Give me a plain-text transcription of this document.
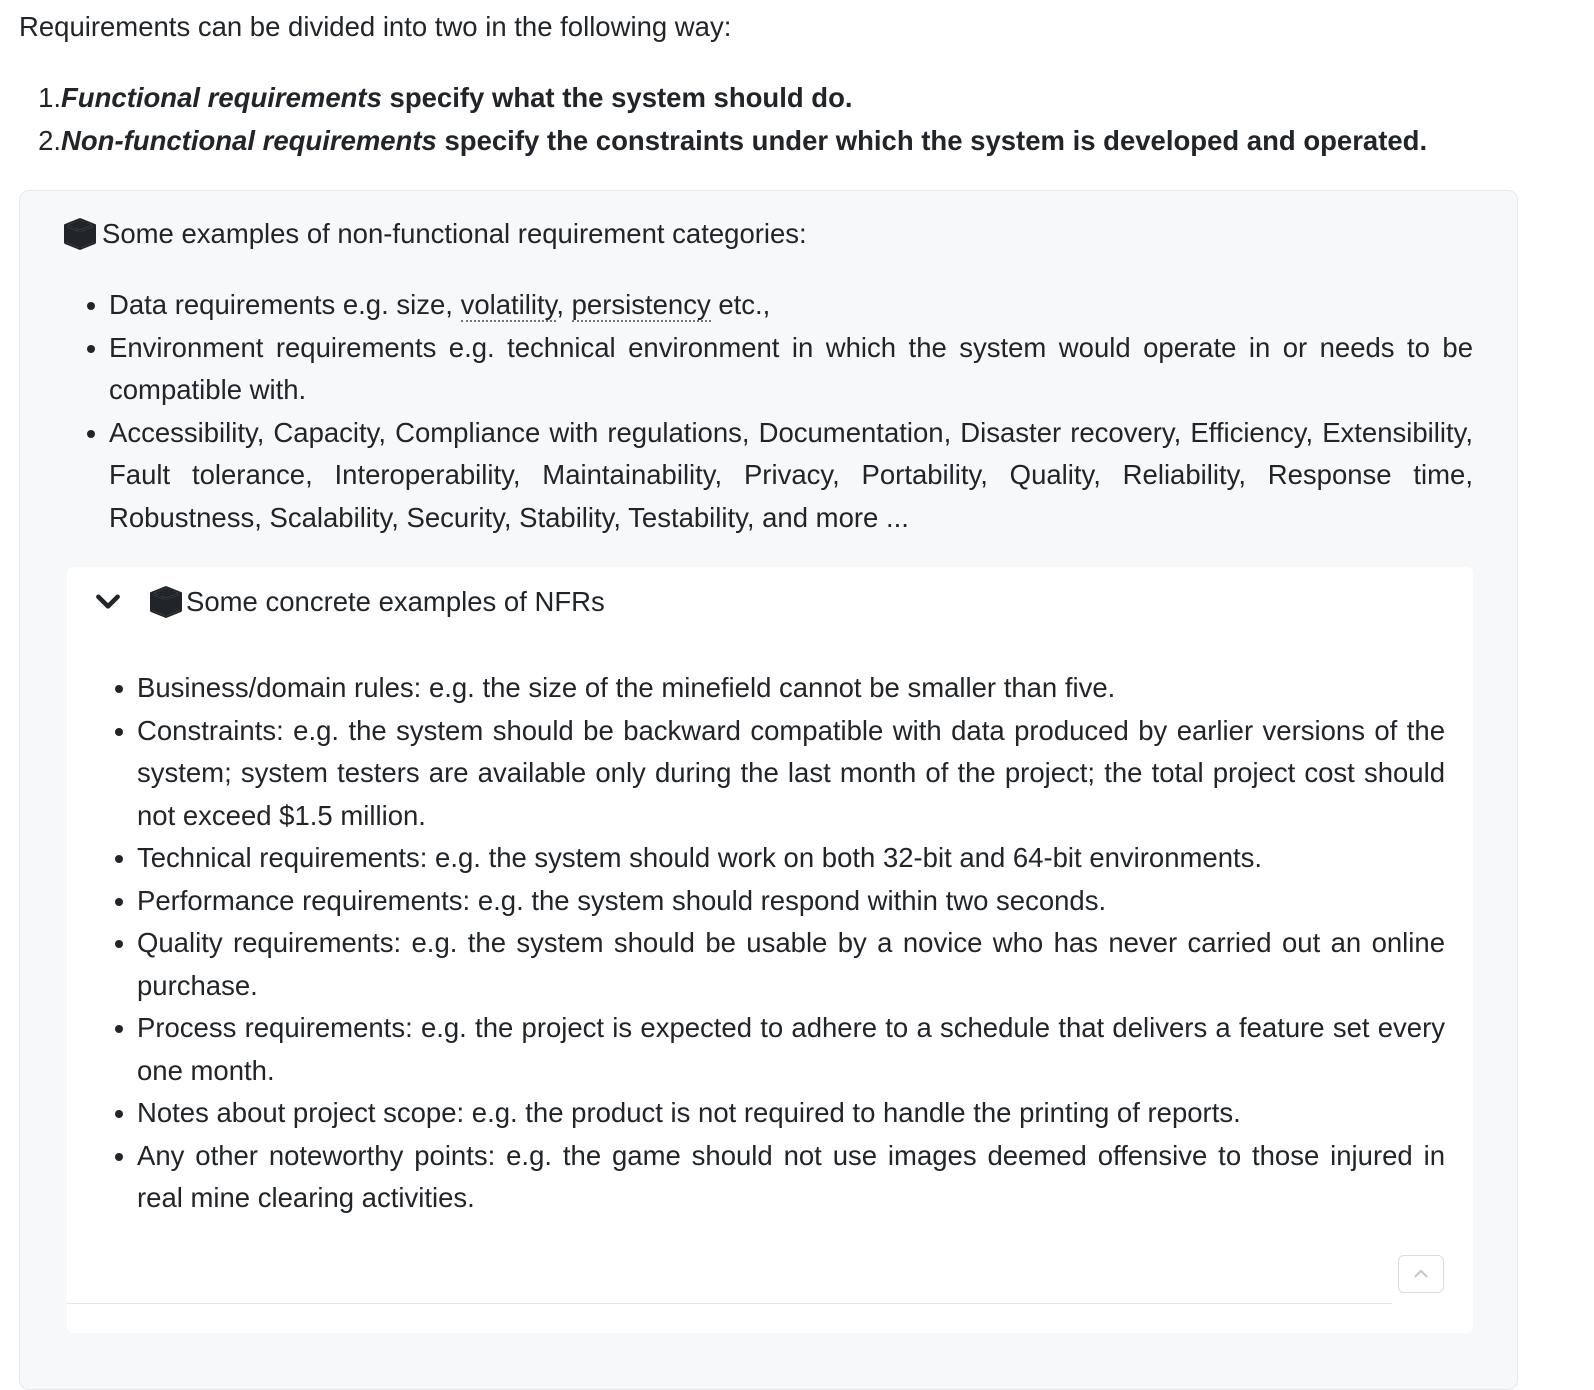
Requirements can be divided into two in the following way:

1. Functional requirements specify what the system should do.
2. Non-functional requirements specify the constraints under which the system is developed and operated.
Some examples of non-functional requirement categories:
Data requirements e.g. size, volatility, persistency etc.,
Environment requirements e.g. technical environment in which the system would operate in or needs to be compatible with.
Accessibility, Capacity, Compliance with regulations, Documentation, Disaster recovery, Efficiency, Extensibility, Fault tolerance, Interoperability, Maintainability, Privacy, Portability, Quality, Reliability, Response time, Robustness, Scalability, Security, Stability, Testability, and more ...
Some concrete examples of NFRs
Business/domain rules: e.g. the size of the minefield cannot be smaller than five.
Constraints: e.g. the system should be backward compatible with data produced by earlier versions of the system; system testers are available only during the last month of the project; the total project cost should not exceed $1.5 million.
Technical requirements: e.g. the system should work on both 32-bit and 64-bit environments.
Performance requirements: e.g. the system should respond within two seconds.
Quality requirements: e.g. the system should be usable by a novice who has never carried out an online purchase.
Process requirements: e.g. the project is expected to adhere to a schedule that delivers a feature set every one month.
Notes about project scope: e.g. the product is not required to handle the printing of reports.
Any other noteworthy points: e.g. the game should not use images deemed offensive to those injured in real mine clearing activities.
